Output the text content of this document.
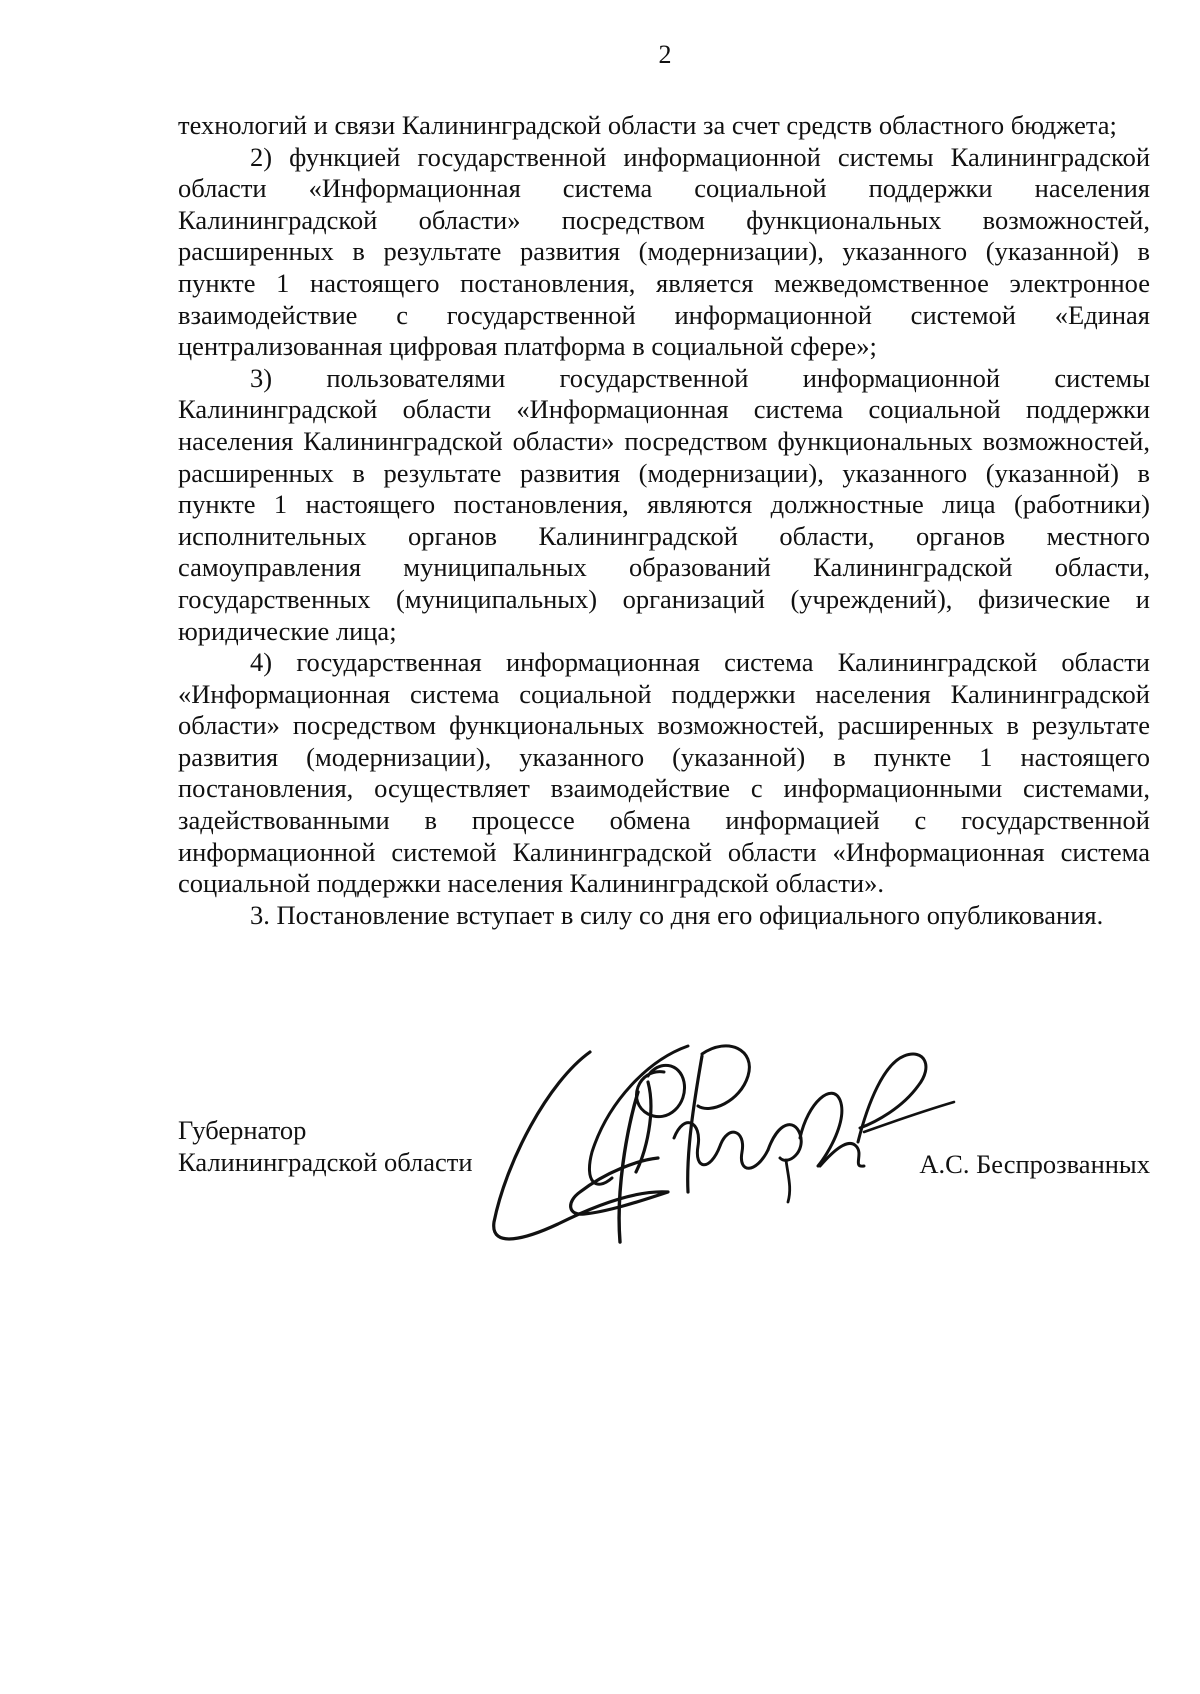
2

технологий и связи Калининградской области за счет средств областного бюджета;

2) функцией государственной информационной системы Калининградской области «Информационная система социальной поддержки населения Калининградской области» посредством функциональных возможностей, расширенных в результате развития (модернизации), указанного (указанной) в пункте 1 настоящего постановления, является межведомственное электронное взаимодействие с государственной информационной системой «Единая централизованная цифровая платформа в социальной сфере»;

3) пользователями государственной информационной системы Калининградской области «Информационная система социальной поддержки населения Калининградской области» посредством функциональных возможностей, расширенных в результате развития (модернизации), указанного (указанной) в пункте 1 настоящего постановления, являются должностные лица (работники) исполнительных органов Калининградской области, органов местного самоуправления муниципальных образований Калининградской области, государственных (муниципальных) организаций (учреждений), физические и юридические лица;

4) государственная информационная система Калининградской области «Информационная система социальной поддержки населения Калининградской области» посредством функциональных возможностей, расширенных в результате развития (модернизации), указанного (указанной) в пункте 1 настоящего постановления, осуществляет взаимодействие с информационными системами, задействованными в процессе обмена информацией с государственной информационной системой Калининградской области «Информационная система социальной поддержки населения Калининградской области».

3. Постановление вступает в силу со дня его официального опубликования.

Губернатор
Калининградской области	А.С. Беспрозванных
